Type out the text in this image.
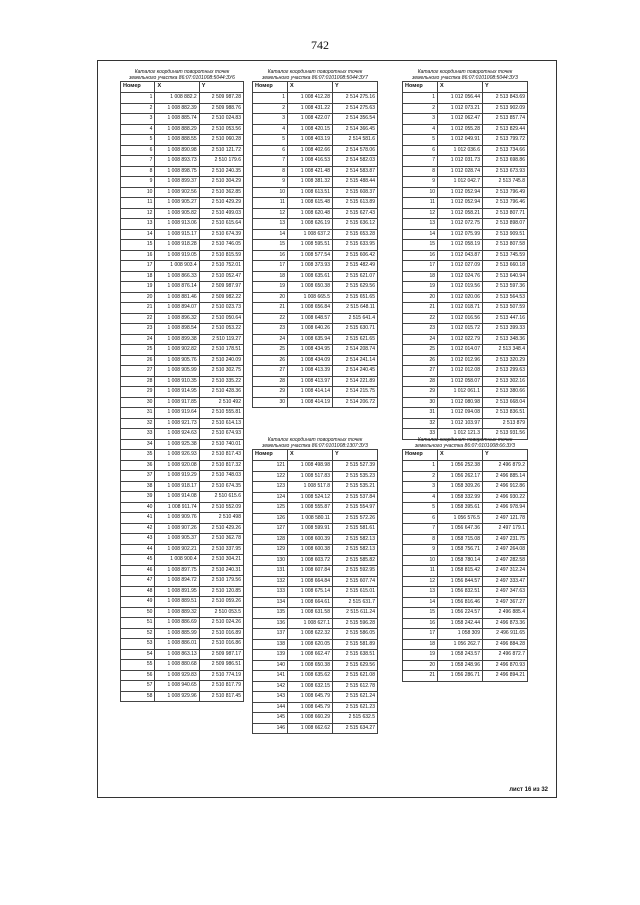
742
лист 16 из 32
Каталог координат поворотных точек
земельного участка 86:07:0101008:5044:ЗУ6
Номер	X	Y
1	1 008 882.2	2 509 987.28
2	1 008 882.39	2 509 988.76
3	1 008 885.74	2 510 024.83
4	1 008 888.29	2 510 053.56
5	1 008 888.55	2 510 060.28
6	1 008 890.98	2 510 121.72
7	1 008 893.73	2 510 179.6
8	1 008 898.75	2 510 240.35
9	1 008 899.37	2 510 304.29
10	1 008 902.56	2 510 362.85
11	1 008 905.27	2 510 429.29
12	1 008 905.82	2 510 499.03
13	1 008 913.06	2 510 615.64
14	1 008 915.17	2 510 674.39
15	1 008 918.28	2 510 746.05
16	1 008 919.05	2 510 815.59
17	1 008 903.4	2 510 752.01
18	1 008 866.33	2 510 052.47
19	1 008 876.14	2 509 987.97
20	1 008 881.46	2 509 982.22
21	1 008 894.07	2 510 023.73
22	1 008 896.32	2 510 050.64
23	1 008 898.54	2 510 053.22
24	1 008 899.38	2 510 119.27
25	1 008 902.82	2 510 178.51
26	1 008 905.76	2 510 240.09
27	1 008 905.99	2 510 302.75
28	1 008 910.35	2 510 335.22
29	1 008 914.95	2 510 428.36
30	1 008 917.85	2 510 492
31	1 008 919.64	2 510 555.81
32	1 008 921.73	2 510 614.13
33	1 008 924.63	2 510 674.93
34	1 008 925.38	2 510 740.01
35	1 008 926.93	2 510 817.43
36	1 008 920.08	2 510 817.32
37	1 008 919.29	2 510 748.03
38	1 008 918.17	2 510 674.35
39	1 008 914.08	2 510 615.6
40	1 008 911.74	2 510 552.09
41	1 008 909.76	2 510 498
42	1 008 907.26	2 510 429.26
43	1 008 905.37	2 510 362.78
44	1 008 902.21	2 510 337.95
45	1 008 900.4	2 510 304.21
46	1 008 897.75	2 510 240.31
47	1 008 894.72	2 510 179.56
48	1 008 891.95	2 510 120.85
49	1 008 889.51	2 510 059.26
50	1 008 889.32	2 510 053.5
51	1 008 886.69	2 510 024.26
52	1 008 885.99	2 510 016.89
53	1 008 886.01	2 510 016.86
54	1 008 863.13	2 509 987.17
55	1 008 880.68	2 509 986.51
56	1 008 929.83	2 510 774.19
57	1 008 940.65	2 510 817.79
58	1 008 929.96	2 510 817.45
Каталог координат поворотных точек
земельного участка 86:07:0101008:5044:ЗУ7
Номер	X	Y
1	1 008 412.28	2 514 275.16
2	1 008 431.22	2 514 275.63
3	1 008 422.07	2 514 356.54
4	1 008 420.15	2 514 366.45
5	1 008 403.19	2 514 581.6
6	1 008 402.66	2 514 578.06
7	1 008 416.53	2 514 582.03
8	1 008 421.48	2 514 583.87
9	1 008 381.32	2 515 488.44
10	1 008 613.51	2 515 608.37
11	1 008 615.48	2 515 613.89
12	1 008 620.48	2 515 627.43
13	1 008 626.19	2 515 636.12
14	1 008 637.2	2 515 653.28
15	1 008 595.51	2 515 633.95
16	1 008 577.54	2 515 606.42
17	1 008 373.93	2 515 482.49
18	1 008 635.61	2 515 621.07
19	1 008 650.38	2 515 629.56
20	1 008 665.5	2 515 651.65
21	1 008 656.84	2 515 648.11
22	1 008 648.57	2 515 641.4
23	1 008 640.26	2 515 630.71
24	1 008 635.94	2 515 621.65
25	1 008 434.95	2 514 208.74
26	1 008 434.09	2 514 241.14
27	1 008 413.39	2 514 240.45
28	1 008 413.97	2 514 221.89
29	1 008 414.14	2 514 215.75
30	1 008 414.19	2 514 206.72
Каталог координат поворотных точек
земельного участка 86:07:0101008:5044:ЗУ3
Номер	X	Y
1	1 012 056.44	2 513 843.69
2	1 012 073.21	2 513 902.09
3	1 012 062.47	2 513 857.74
4	1 012 055.28	2 513 829.44
5	1 012 049.91	2 513 799.72
6	1 012 036.6	2 513 734.66
7	1 012 031.73	2 513 698.86
8	1 012 028.74	2 513 673.93
9	1 012 042.7	2 513 745.8
10	1 012 052.94	2 513 796.49
11	1 012 052.94	2 513 796.46
12	1 012 058.21	2 513 807.71
13	1 012 072.75	2 513 898.07
14	1 012 075.99	2 513 909.51
15	1 012 058.19	2 513 807.58
16	1 012 043.87	2 513 745.59
17	1 012 027.09	2 513 660.18
18	1 012 024.76	2 513 640.94
19	1 012 019.56	2 513 597.36
20	1 012 020.06	2 513 564.53
21	1 012 018.71	2 513 507.59
22	1 012 016.56	2 513 447.16
23	1 012 015.72	2 513 399.33
24	1 012 022.79	2 513 348.36
25	1 012 014.07	2 513 348.4
26	1 012 012.96	2 513 320.29
27	1 012 012.08	2 513 299.63
28	1 012 058.07	2 513 302.16
29	1 012 061.1	2 513 380.66
30	1 012 080.98	2 513 668.04
31	1 012 094.08	2 513 836.51
32	1 012 103.97	2 513 879
33	1 012 121.3	2 513 931.56
Каталог координат поворотных точек
земельного участка 86:07:0101008:1307:ЗУ3
Номер	X	Y
121	1 008 498.98	2 515 527.39
122	1 008 517.83	2 515 535.23
123	1 008 517.8	2 515 535.21
124	1 008 524.12	2 515 537.84
125	1 008 555.87	2 515 554.97
126	1 008 580.11	2 515 572.26
127	1 008 599.91	2 515 581.61
128	1 008 600.39	2 515 582.13
129	1 008 600.38	2 515 582.13
130	1 008 603.72	2 515 585.82
131	1 008 607.84	2 515 592.95
132	1 008 664.84	2 515 607.74
133	1 008 675.14	2 515 615.01
134	1 008 664.61	2 515 631.7
135	1 008 631.58	2 515 611.24
136	1 008 627.1	2 515 596.28
137	1 008 622.32	2 515 586.05
138	1 008 620.05	2 515 581.89
139	1 008 662.47	2 515 638.51
140	1 008 650.38	2 515 629.56
141	1 008 635.62	2 515 621.08
142	1 008 632.15	2 515 612.78
143	1 008 645.79	2 515 621.24
144	1 008 645.79	2 515 621.23
145	1 008 660.29	2 515 632.5
146	1 008 662.62	2 515 634.27
Каталог координат поворотных точек
земельного участка 86:07:0101008:66:ЗУ3
Номер	X	Y
1	1 056 252.38	2 496 879.2
2	1 056 262.17	2 496 885.14
3	1 058 309.26	2 496 912.86
4	1 058 332.99	2 496 930.22
5	1 058 395.61	2 496 978.94
6	1 056 576.5	2 497 121.78
7	1 056 647.36	2 497 179.1
8	1 058 715.08	2 497 231.75
9	1 058 756.71	2 497 264.08
10	1 058 780.14	2 497 282.58
11	1 058 815.42	2 497 312.24
12	1 056 844.57	2 497 333.47
13	1 056 832.51	2 497 347.63
14	1 056 816.46	2 497 367.27
15	1 056 224.57	2 496 885.4
16	1 058 242.44	2 496 873.36
17	1 058 309	2 496 911.65
18	1 056 262.7	2 496 884.28
19	1 058 243.57	2 496 872.7
20	1 058 248.96	2 496 870.93
21	1 056 286.71	2 496 894.21
